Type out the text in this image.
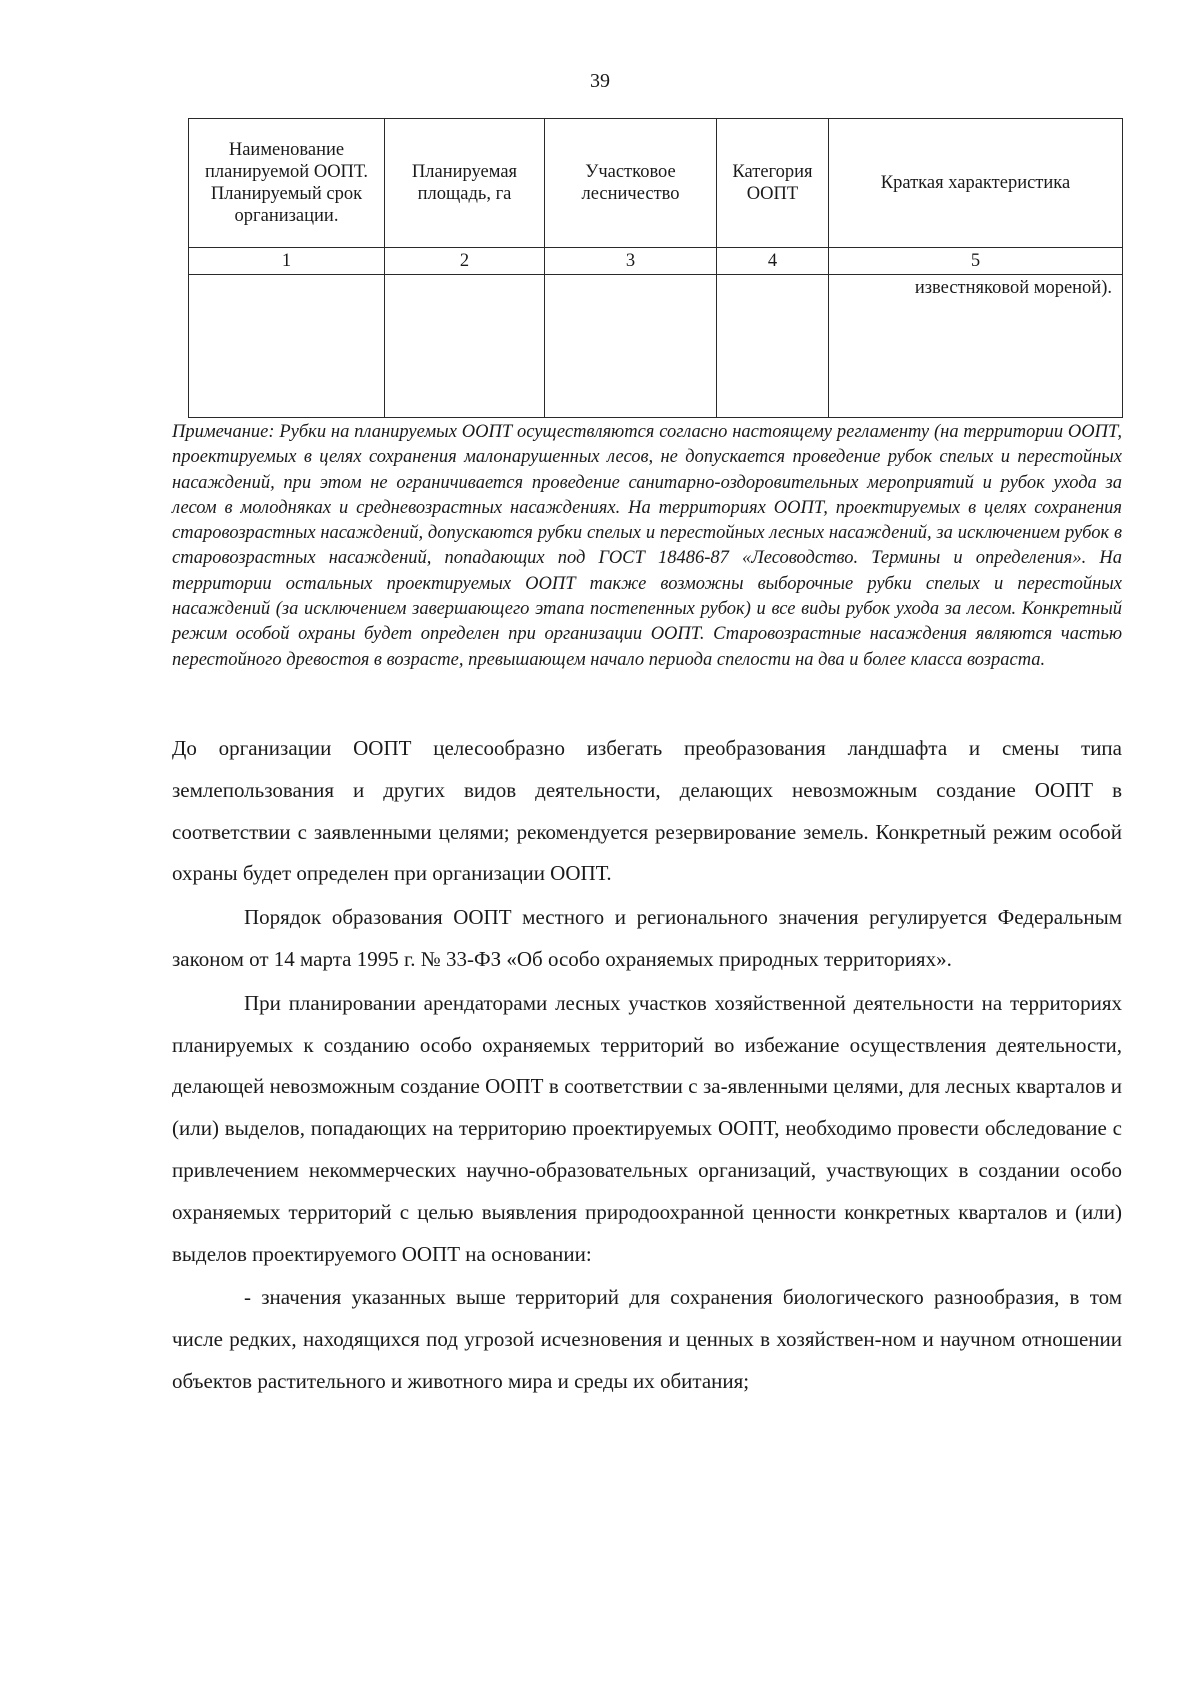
39
Наименование планируемой ООПТ. Планируемый срок организации.	Планируемая площадь, га	Участковое лесничество	Категория ООПТ	Краткая характеристика
1	2	3	4	5
				известняковой мореной).
Примечание: Рубки на планируемых ООПТ осуществляются согласно настоящему регламенту (на территории ООПТ, проектируемых в целях сохранения малонарушенных лесов, не допускается проведение рубок спелых и перестойных насаждений, при этом не ограничивается проведение санитарно-оздоровительных мероприятий и рубок ухода за лесом в молодняках и средневозрастных насаждениях. На территориях ООПТ, проектируемых в целях сохранения старовозрастных насаждений, допускаются рубки спелых и перестойных лесных насаждений, за исключением рубок в старовозрастных насаждений, попадающих под ГОСТ 18486-87 «Лесоводство. Термины и определения». На территории остальных проектируемых ООПТ также возможны выборочные рубки спелых и перестойных насаждений (за исключением завершающего этапа постепенных рубок) и все виды рубок ухода за лесом. Конкретный режим особой охраны будет определен при организации ООПТ. Старовозрастные насаждения являются частью перестойного древостоя в возрасте, превышающем начало периода спелости на два и более класса возраста.

До организации ООПТ целесообразно избегать преобразования ландшафта и смены типа землепользования и других видов деятельности, делающих невозможным создание ООПТ в соответствии с заявленными целями; рекомендуется резервирование земель. Конкретный режим особой охраны будет определен при организации ООПТ.

Порядок образования ООПТ местного и регионального значения регулируется Федеральным законом от 14 марта 1995 г. № 33-ФЗ «Об особо охраняемых природных территориях».

При планировании арендаторами лесных участков хозяйственной деятельности на территориях планируемых к созданию особо охраняемых территорий во избежание осуществления деятельности, делающей невозможным создание ООПТ в соответствии с за-явленными целями, для лесных кварталов и (или) выделов, попадающих на территорию проектируемых ООПТ, необходимо провести обследование с привлечением некоммерческих научно-образовательных организаций, участвующих в создании особо охраняемых территорий с целью выявления природоохранной ценности конкретных кварталов и (или) выделов проектируемого ООПТ на основании:

- значения указанных выше территорий для сохранения биологического разнообразия, в том числе редких, находящихся под угрозой исчезновения и ценных в хозяйствен-ном и научном отношении объектов растительного и животного мира и среды их обитания;
